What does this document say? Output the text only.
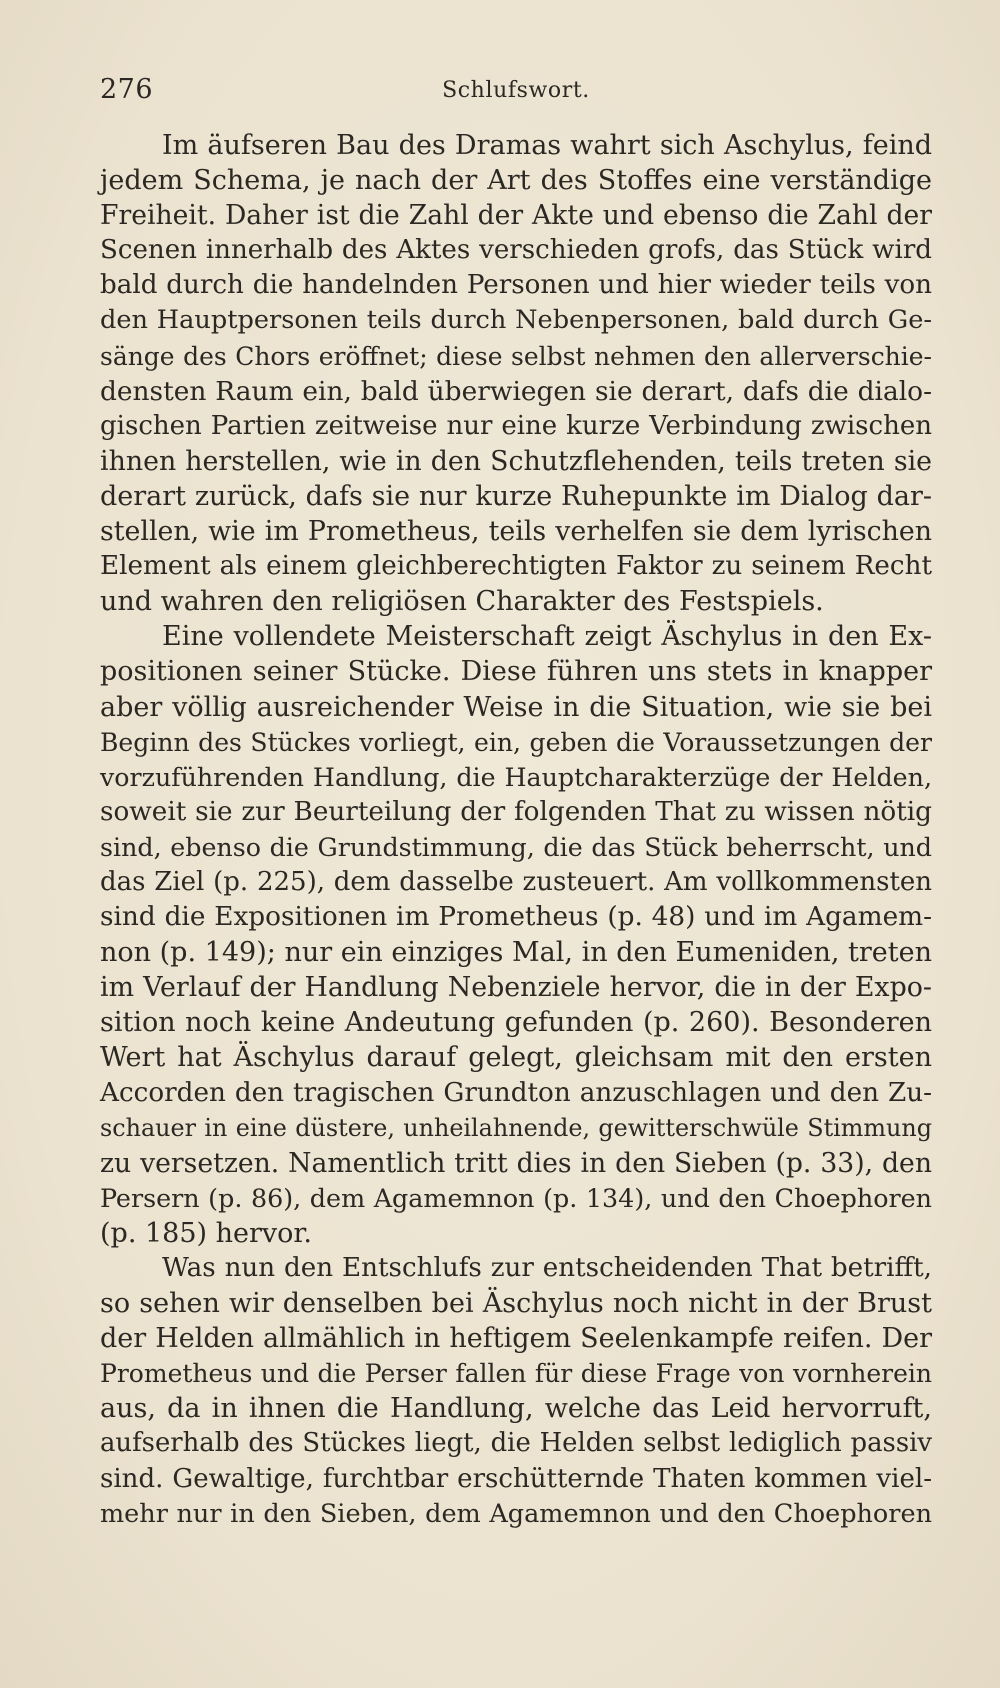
276	Schlufswort.
Im äufseren Bau des Dramas wahrt sich Aschylus, feind
jedem Schema, je nach der Art des Stoffes eine verständige
Freiheit. Daher ist die Zahl der Akte und ebenso die Zahl der
Scenen innerhalb des Aktes verschieden grofs, das Stück wird
bald durch die handelnden Personen und hier wieder teils von
den Hauptpersonen teils durch Nebenpersonen, bald durch Ge-
sänge des Chors eröffnet; diese selbst nehmen den allerverschie-
densten Raum ein, bald überwiegen sie derart, dafs die dialo-
gischen Partien zeitweise nur eine kurze Verbindung zwischen
ihnen herstellen, wie in den Schutzflehenden, teils treten sie
derart zurück, dafs sie nur kurze Ruhepunkte im Dialog dar-
stellen, wie im Prometheus, teils verhelfen sie dem lyrischen
Element als einem gleichberechtigten Faktor zu seinem Recht
und wahren den religiösen Charakter des Festspiels.
Eine vollendete Meisterschaft zeigt Äschylus in den Ex-
positionen seiner Stücke. Diese führen uns stets in knapper
aber völlig ausreichender Weise in die Situation, wie sie bei
Beginn des Stückes vorliegt, ein, geben die Voraussetzungen der
vorzuführenden Handlung, die Hauptcharakterzüge der Helden,
soweit sie zur Beurteilung der folgenden That zu wissen nötig
sind, ebenso die Grundstimmung, die das Stück beherrscht, und
das Ziel (p. 225), dem dasselbe zusteuert. Am vollkommensten
sind die Expositionen im Prometheus (p. 48) und im Agamem-
non (p. 149); nur ein einziges Mal, in den Eumeniden, treten
im Verlauf der Handlung Nebenziele hervor, die in der Expo-
sition noch keine Andeutung gefunden (p. 260). Besonderen
Wert hat Äschylus darauf gelegt, gleichsam mit den ersten
Accorden den tragischen Grundton anzuschlagen und den Zu-
schauer in eine düstere, unheilahnende, gewitterschwüle Stimmung
zu versetzen. Namentlich tritt dies in den Sieben (p. 33), den
Persern (p. 86), dem Agamemnon (p. 134), und den Choephoren
(p. 185) hervor.
Was nun den Entschlufs zur entscheidenden That betrifft,
so sehen wir denselben bei Äschylus noch nicht in der Brust
der Helden allmählich in heftigem Seelenkampfe reifen. Der
Prometheus und die Perser fallen für diese Frage von vornherein
aus, da in ihnen die Handlung, welche das Leid hervorruft,
aufserhalb des Stückes liegt, die Helden selbst lediglich passiv
sind. Gewaltige, furchtbar erschütternde Thaten kommen viel-
mehr nur in den Sieben, dem Agamemnon und den Choephoren
